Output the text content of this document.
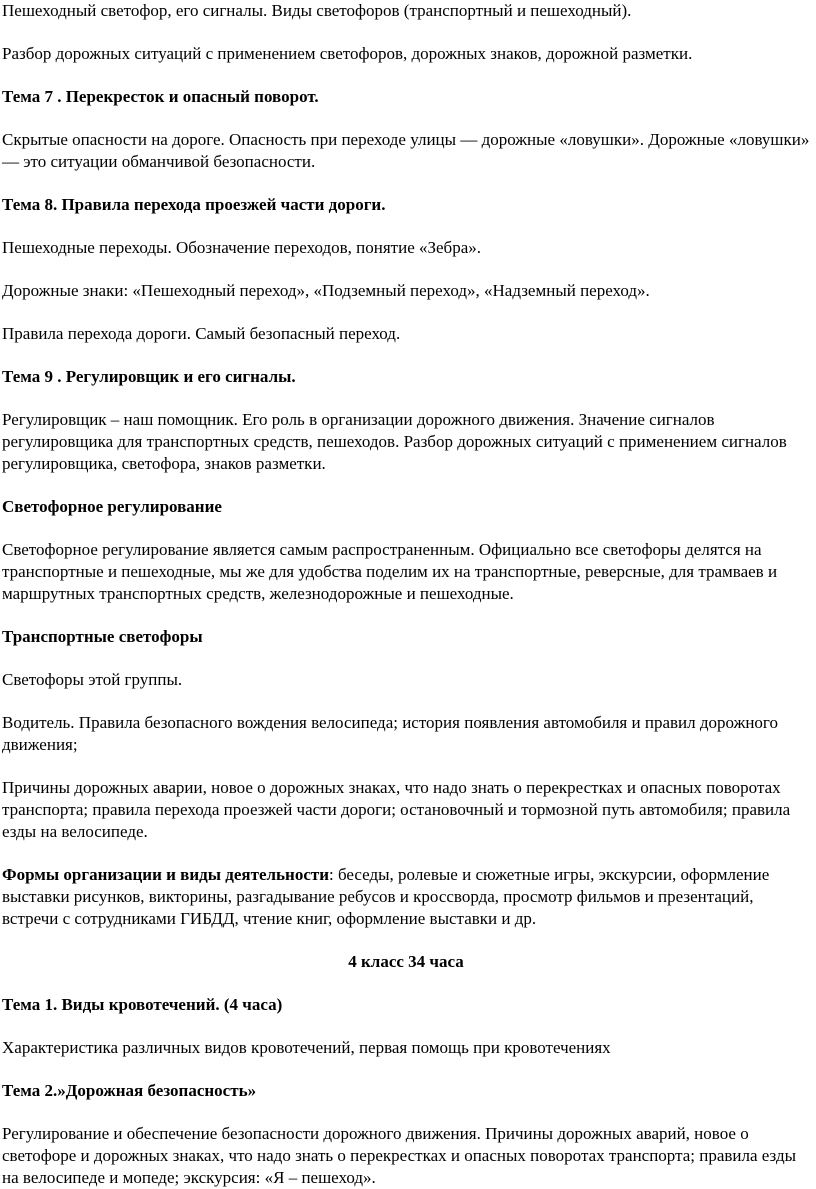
Пешеходный светофор, его сигналы. Виды светофоров (транспортный и пешеходный).

Разбор дорожных ситуаций с применением светофоров, дорожных знаков, дорожной разметки.

Тема 7 . Перекресток и опасный поворот.

Скрытые опасности на дороге. Опасность при переходе улицы — дорожные «ловушки». Дорожные «ловушки» — это ситуации обманчивой безопасности.

Тема 8. Правила перехода проезжей части дороги.

Пешеходные переходы. Обозначение переходов, понятие «Зебра».

Дорожные знаки: «Пешеходный переход», «Подземный переход», «Надземный переход».

Правила перехода дороги. Самый безопасный переход.

Тема 9 . Регулировщик и его сигналы.

Регулировщик – наш помощник. Его роль в организации дорожного движения. Значение сигналов регулировщика для транспортных средств, пешеходов. Разбор дорожных ситуаций с применением сигналов регулировщика, светофора, знаков разметки.

Светофорное регулирование

Светофорное регулирование является самым распространенным. Официально все светофоры делятся на транспортные и пешеходные, мы же для удобства поделим их на транспортные, реверсные, для трамваев и маршрутных транспортных средств, железнодорожные и пешеходные.

Транспортные светофоры

Светофоры этой группы.

Водитель. Правила безопасного вождения велосипеда; история появления автомобиля и правил дорожного движения;

Причины дорожных аварии, новое о дорожных знаках, что надо знать о перекрестках и опасных поворотах транспорта; правила перехода проезжей части дороги; остановочный и тормозной путь автомобиля; правила езды на велосипеде.

Формы организации и виды деятельности: беседы, ролевые и сюжетные игры, экскурсии, оформление выставки рисунков, викторины, разгадывание ребусов и кроссворда, просмотр фильмов и презентаций, встречи с сотрудниками ГИБДД, чтение книг, оформление выставки и др.

4 класс 34 часа

Тема 1. Виды кровотечений. (4 часа)

Характеристика различных видов кровотечений, первая помощь при кровотечениях

Тема 2.»Дорожная безопасность»

Регулирование и обеспечение безопасности дорожного движения. Причины дорожных аварий, новое о светофоре и дорожных знаках, что надо знать о перекрестках и опасных поворотах транспорта; правила езды на велосипеде и мопеде; экскурсия: «Я – пешеход».
